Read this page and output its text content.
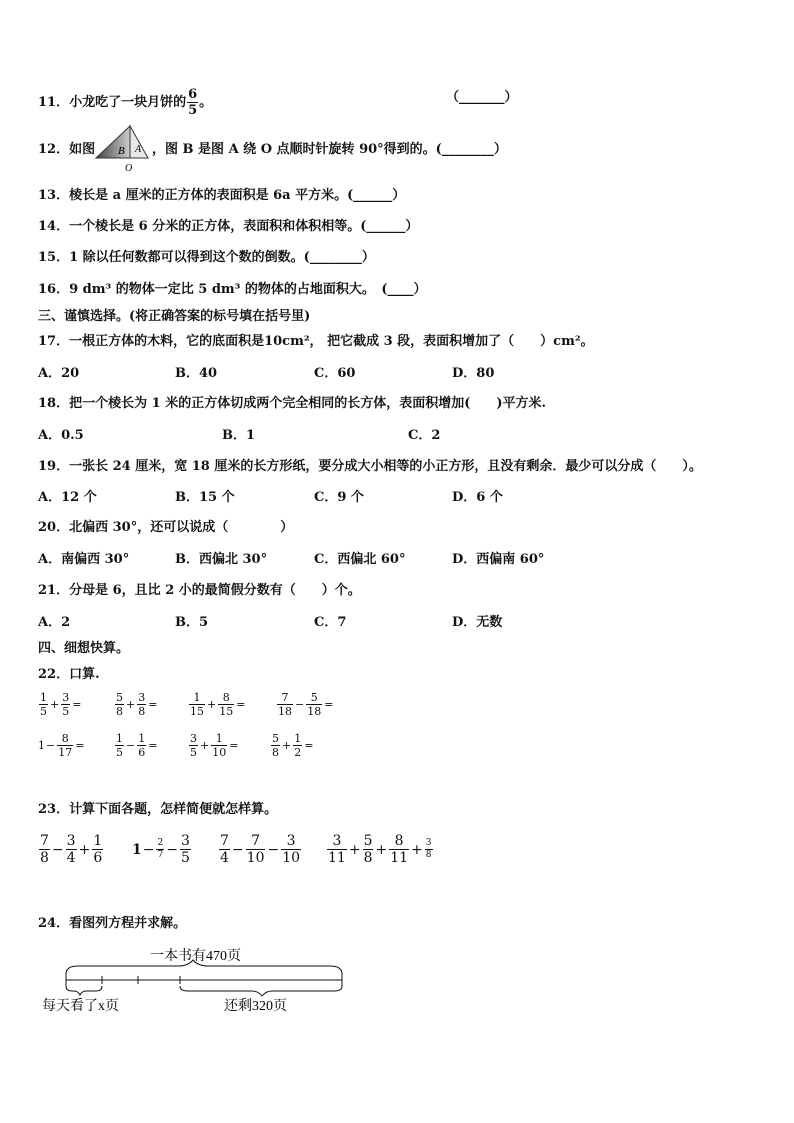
11．小龙吃了一块月饼的 $\frac{6}{5}$ 。	（_______）
12．如图 B A
O
，图 B 是图 A 绕 O 点顺时针旋转 90°得到的。(________）
13．棱长是 a 厘米的正方体的表面积是 6a 平方米。(______）
14．一个棱长是 6 分米的正方体，表面积和体积相等。(______）
15．1 除以任何数都可以得到这个数的倒数。(________）
16．9 dm³ 的物体一定比 5 dm³ 的物体的占地面积大。　(____）
三、谨慎选择。(将正确答案的标号填在括号里)
17．一根正方体的木料，它的底面积是10cm²， 把它截成 3 段，表面积增加了（　　）cm²。
A．20	B．40	C．60	D．80
18．把一个棱长为 1 米的正方体切成两个完全相同的长方体，表面积增加(　　)平方米.
A．0.5	B．1	C．2
19．一张长 24 厘米，宽 18 厘米的长方形纸，要分成大小相等的小正方形，且没有剩余．最少可以分成（　　）。
A．12 个	B．15 个	C．9 个	D．6 个
20．北偏西 30°，还可以说成（　　　　）
A．南偏西 30°	B．西偏北 30°	C．西偏北 60°	D．西偏南 60°
21．分母是 6，且比 2 小的最简假分数有（　　）个。
A．2	B．5	C．7	D．无数
四、细想快算。
22．口算.
$\frac{1}{5} + \frac{3}{5}$ =	$\frac{5}{8} + \frac{3}{8}$ =	$\frac{1}{15} + \frac{8}{15}$ =	$\frac{7}{18} - \frac{5}{18}$ =
$1 - \frac{8}{17}$ =	$\frac{1}{5} - \frac{1}{6}$ =	$\frac{3}{5} + \frac{1}{10}$ =	$\frac{5}{8} + \frac{1}{2}$ =
23．计算下面各题，怎样简便就怎样算。
$\frac{7}{8} - \frac{3}{4} + \frac{1}{6} 1 - \frac{2}{7} - \frac{3}{5} \frac{7}{4} - \frac{7}{10} - \frac{3}{10} \frac{3}{11} + \frac{5}{8} + \frac{8}{11} + \frac{3}{8}$
24．看图列方程并求解。
一本书有470页
每天看了x页	还剩320页
